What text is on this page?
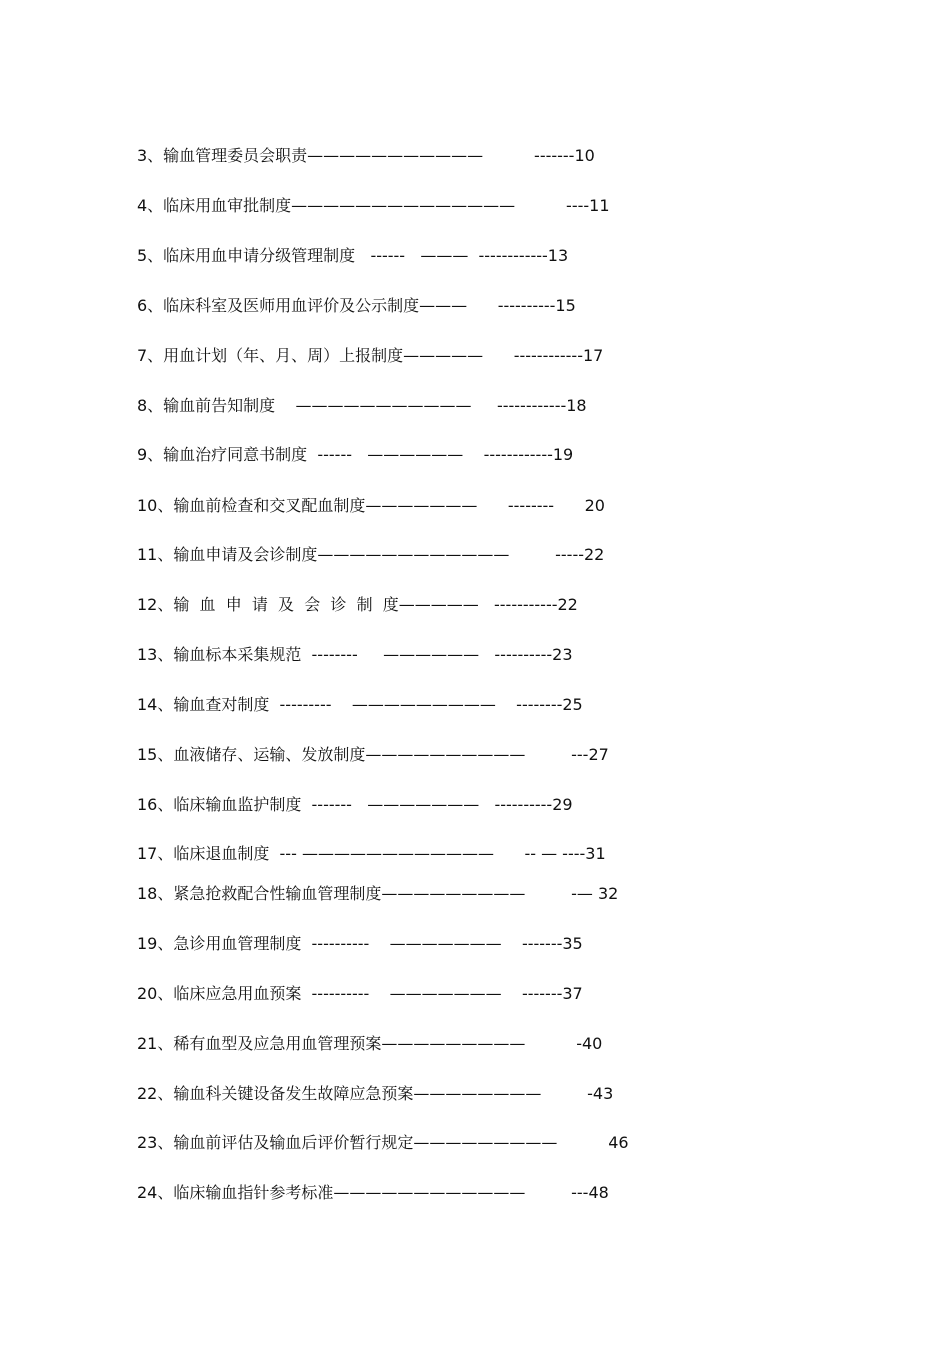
3、输血管理委员会职责———————————          -------10
4、临床用血审批制度——————————————          ----11
5、临床用血申请分级管理制度   ------   ———  ------------13
6、临床科室及医师用血评价及公示制度———      ----------15
7、用血计划（年、月、周）上报制度—————      ------------17
8、输血前告知制度    ———————————     ------------18
9、输血治疗同意书制度  ------   ——————    ------------19
10、输血前检查和交叉配血制度———————      --------      20
11、输血申请及会诊制度————————————         -----22
12、输  血  申  请  及  会  诊  制  度—————   -----------22
13、输血标本采集规范  --------     ——————   ----------23
14、输血查对制度  ---------    —————————    --------25
15、血液储存、运输、发放制度——————————         ---27
16、临床输血监护制度  -------   ———————   ----------29
17、临床退血制度  --- ————————————      -- — ----31
18、紧急抢救配合性输血管理制度—————————         -— 32
19、急诊用血管理制度  ----------    ———————    -------35
20、临床应急用血预案  ----------    ———————    -------37
21、稀有血型及应急用血管理预案—————————          -40
22、输血科关键设备发生故障应急预案————————         -43
23、输血前评估及输血后评价暂行规定—————————          46
24、临床输血指针参考标准————————————         ---48
